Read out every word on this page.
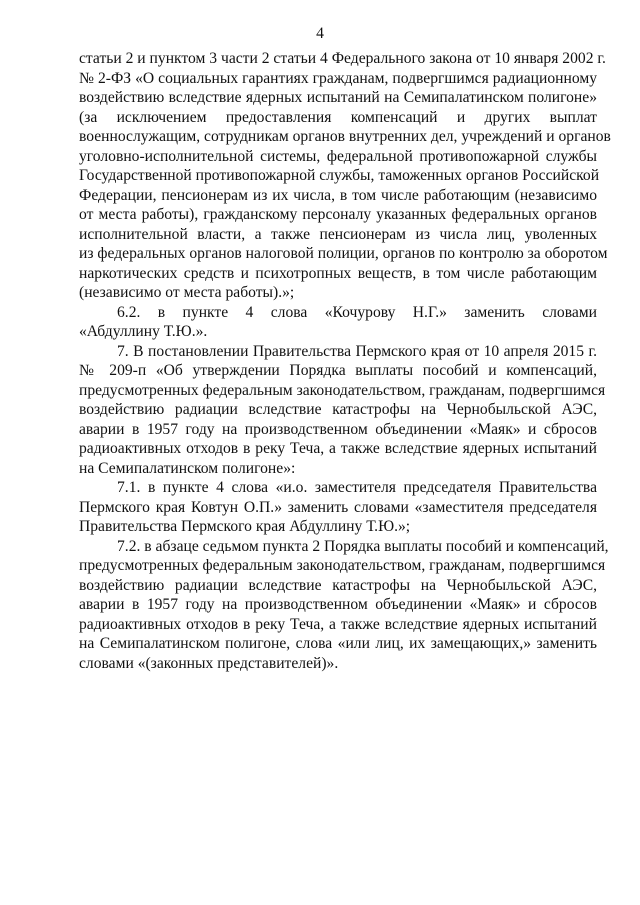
4

статьи 2 и пунктом 3 части 2 статьи 4 Федерального закона от 10 января 2002 г.
№ 2-ФЗ «О социальных гарантиях гражданам, подвергшимся радиационному
воздействию вследствие ядерных испытаний на Семипалатинском полигоне»
(за исключением предоставления компенсаций и других выплат
военнослужащим, сотрудникам органов внутренних дел, учреждений и органов
уголовно-исполнительной системы, федеральной противопожарной службы
Государственной противопожарной службы, таможенных органов Российской
Федерации, пенсионерам из их числа, в том числе работающим (независимо
от места работы), гражданскому персоналу указанных федеральных органов
исполнительной власти, а также пенсионерам из числа лиц, уволенных
из федеральных органов налоговой полиции, органов по контролю за оборотом
наркотических средств и психотропных веществ, в том числе работающим
(независимо от места работы).»;

6.2. в пункте 4 слова «Кочурову Н.Г.» заменить словами
«Абдуллину Т.Ю.».

7. В постановлении Правительства Пермского края от 10 апреля 2015 г.
№ 209-п «Об утверждении Порядка выплаты пособий и компенсаций,
предусмотренных федеральным законодательством, гражданам, подвергшимся
воздействию радиации вследствие катастрофы на Чернобыльской АЭС,
аварии в 1957 году на производственном объединении «Маяк» и сбросов
радиоактивных отходов в реку Теча, а также вследствие ядерных испытаний
на Семипалатинском полигоне»:

7.1. в пункте 4 слова «и.о. заместителя председателя Правительства
Пермского края Ковтун О.П.» заменить словами «заместителя председателя
Правительства Пермского края Абдуллину Т.Ю.»;

7.2. в абзаце седьмом пункта 2 Порядка выплаты пособий и компенсаций,
предусмотренных федеральным законодательством, гражданам, подвергшимся
воздействию радиации вследствие катастрофы на Чернобыльской АЭС,
аварии в 1957 году на производственном объединении «Маяк» и сбросов
радиоактивных отходов в реку Теча, а также вследствие ядерных испытаний
на Семипалатинском полигоне, слова «или лиц, их замещающих,» заменить
словами «(законных представителей)».
